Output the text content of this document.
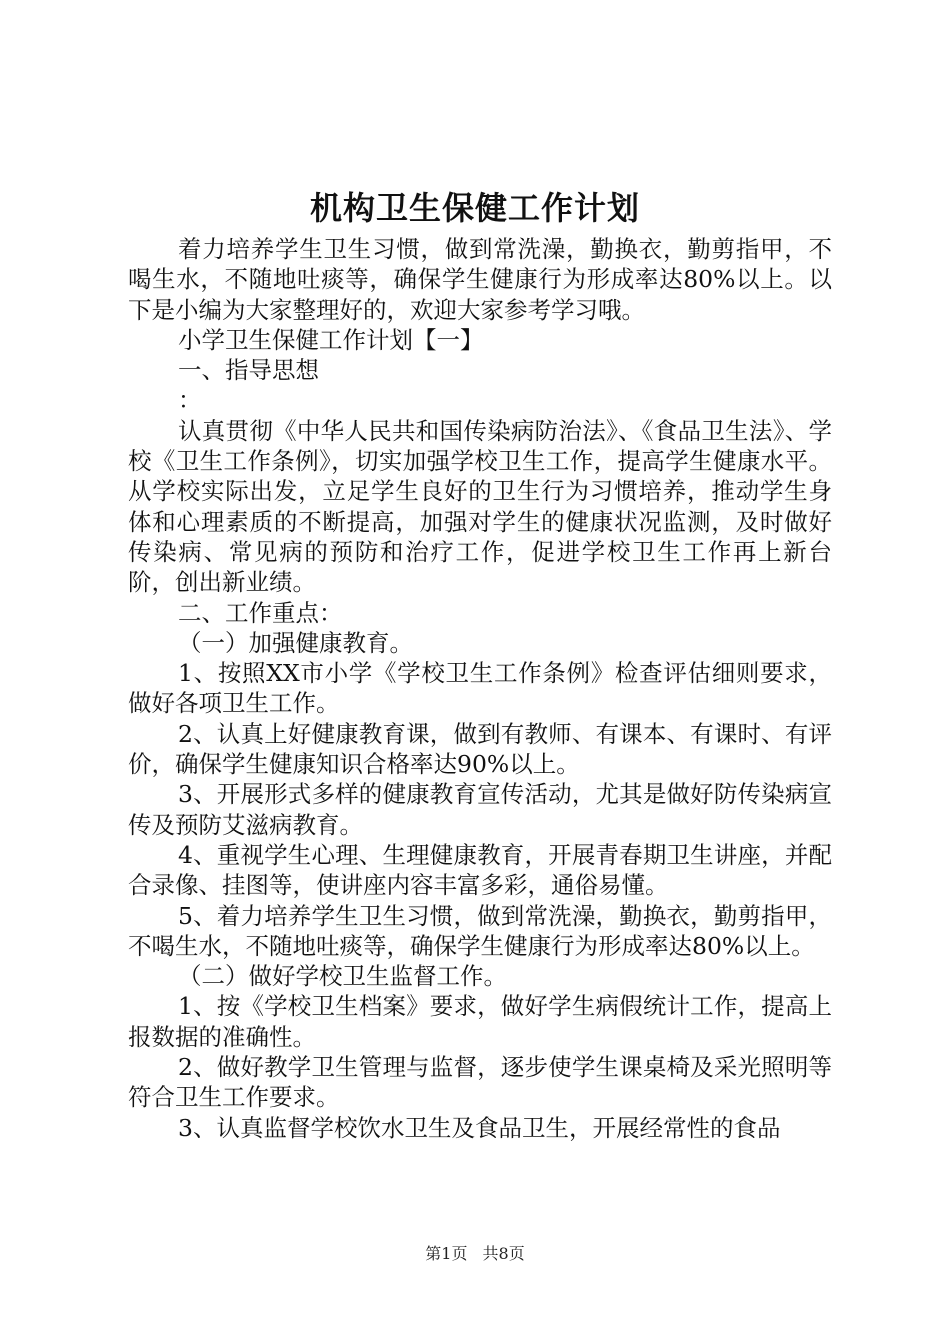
机构卫生保健工作计划

着力培养学生卫生习惯，做到常洗澡，勤换衣，勤剪指甲，不喝生水，不随地吐痰等，确保学生健康行为形成率达80%以上。以下是小编为大家整理好的，欢迎大家参考学习哦。

小学卫生保健工作计划【一】

一、指导思想

：

认真贯彻《中华人民共和国传染病防治法》、《食品卫生法》、学校《卫生工作条例》，切实加强学校卫生工作，提高学生健康水平。从学校实际出发，立足学生良好的卫生行为习惯培养，推动学生身体和心理素质的不断提高，加强对学生的健康状况监测，及时做好传染病、常见病的预防和治疗工作，促进学校卫生工作再上新台阶，创出新业绩。

二、工作重点：

（一）加强健康教育。

1、按照XX市小学《学校卫生工作条例》检查评估细则要求，做好各项卫生工作。

2、认真上好健康教育课，做到有教师、有课本、有课时、有评价，确保学生健康知识合格率达90%以上。

3、开展形式多样的健康教育宣传活动，尤其是做好防传染病宣传及预防艾滋病教育。

4、重视学生心理、生理健康教育，开展青春期卫生讲座，并配合录像、挂图等，使讲座内容丰富多彩，通俗易懂。

5、着力培养学生卫生习惯，做到常洗澡，勤换衣，勤剪指甲，不喝生水，不随地吐痰等，确保学生健康行为形成率达80%以上。

（二）做好学校卫生监督工作。

1、按《学校卫生档案》要求，做好学生病假统计工作，提高上报数据的准确性。

2、做好教学卫生管理与监督，逐步使学生课桌椅及采光照明等符合卫生工作要求。

3、认真监督学校饮水卫生及食品卫生，开展经常性的食品

第1页 共8页
